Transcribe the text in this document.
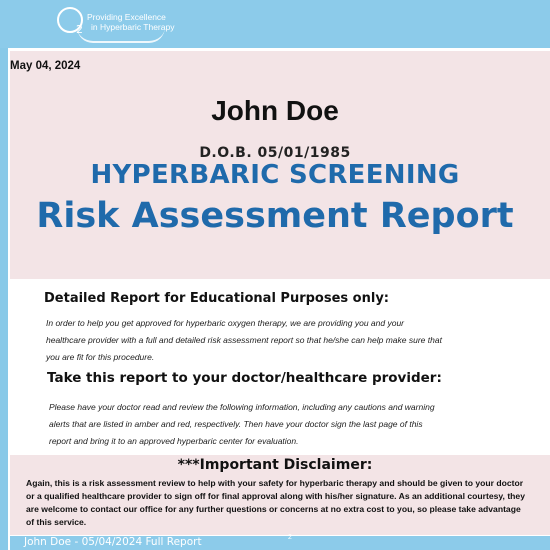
2
Providing Excellence
in Hyperbaric Therapy
May 04, 2024
John Doe
D.O.B. 05/01/1985
HYPERBARIC SCREENING
Risk Assessment Report
Detailed Report for Educational Purposes only:

In order to help you get approved for hyperbaric oxygen therapy, we are providing you and your

healthcare provider with a full and detailed risk assessment report so that he/she can help make sure that

you are fit for this procedure.

Take this report to your doctor/healthcare provider:

Please have your doctor read and review the following information, including any cautions and warning

alerts that are listed in amber and red, respectively. Then have your doctor sign the last page of this

report and bring it to an approved hyperbaric center for evaluation.

***Important Disclaimer:
Again, this is a risk assessment review to help with your safety for hyperbaric therapy and should be given to your doctor or a qualified healthcare provider to sign off for final approval along with his/her signature. As an additional courtesy, they are welcome to contact our office for any further questions or concerns at no extra cost to you, so please take advantage of this service.
John Doe - 05/04/2024 Full Report	2
